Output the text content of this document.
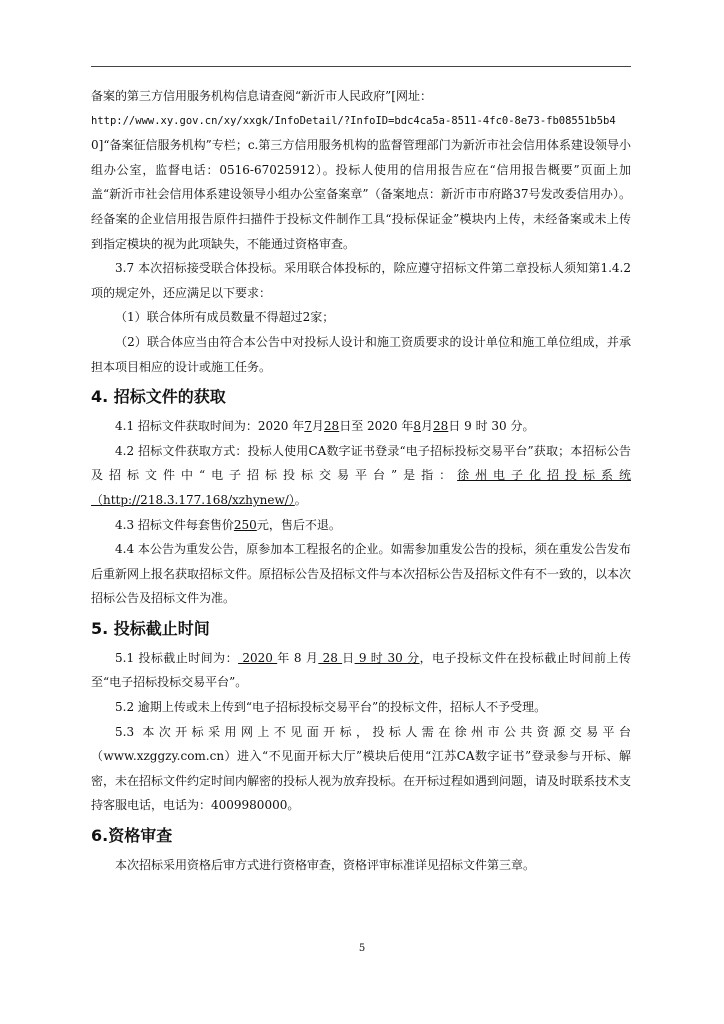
备案的第三方信用服务机构信息请查阅“新沂市人民政府”[网址：

http://www.xy.gov.cn/xy/xxgk/InfoDetail/?InfoID=bdc4ca5a-8511-4fc0-8e73-fb08551b5b4

0]“备案征信服务机构”专栏；c.第三方信用服务机构的监督管理部门为新沂市社会信用体系建设领导小组办公室，监督电话：0516-67025912）。投标人使用的信用报告应在“信用报告概要”页面上加盖“新沂市社会信用体系建设领导小组办公室备案章”（备案地点：新沂市市府路37号发改委信用办）。经备案的企业信用报告原件扫描件于投标文件制作工具“投标保证金”模块内上传，未经备案或未上传到指定模块的视为此项缺失，不能通过资格审查。

3.7 本次招标接受联合体投标。采用联合体投标的，除应遵守招标文件第二章投标人须知第1.4.2项的规定外，还应满足以下要求：

（1）联合体所有成员数量不得超过2家；

（2）联合体应当由符合本公告中对投标人设计和施工资质要求的设计单位和施工单位组成，并承担本项目相应的设计或施工任务。

4. 招标文件的获取

4.1 招标文件获取时间为：2020 年7月28日至 2020 年8月28日 9 时 30 分。

4.2 招标文件获取方式：投标人使用CA数字证书登录“电子招标投标交易平台”获取；本招标公告及招标文件中“电子招标投标交易平台”是指：徐州电子化招投标系统（http://218.3.177.168/xzhynew/）。

4.3 招标文件每套售价250元，售后不退。

4.4 本公告为重发公告，原参加本工程报名的企业。如需参加重发公告的投标，须在重发公告发布后重新网上报名获取招标文件。原招标公告及招标文件与本次招标公告及招标文件有不一致的，以本次招标公告及招标文件为准。

5. 投标截止时间

5.1 投标截止时间为： 2020 年 8 月 28 日 9 时 30 分，电子投标文件在投标截止时间前上传至“电子招标投标交易平台”。

5.2 逾期上传或未上传到“电子招标投标交易平台”的投标文件，招标人不予受理。

5.3 本次开标采用网上不见面开标，投标人需在徐州市公共资源交易平台（www.xzggzy.com.cn）进入“不见面开标大厅”模块后使用“江苏CA数字证书”登录参与开标、解密，未在招标文件约定时间内解密的投标人视为放弃投标。在开标过程如遇到问题，请及时联系技术支持客服电话，电话为：4009980000。

6.资格审查

本次招标采用资格后审方式进行资格审查，资格评审标准详见招标文件第三章。

5
